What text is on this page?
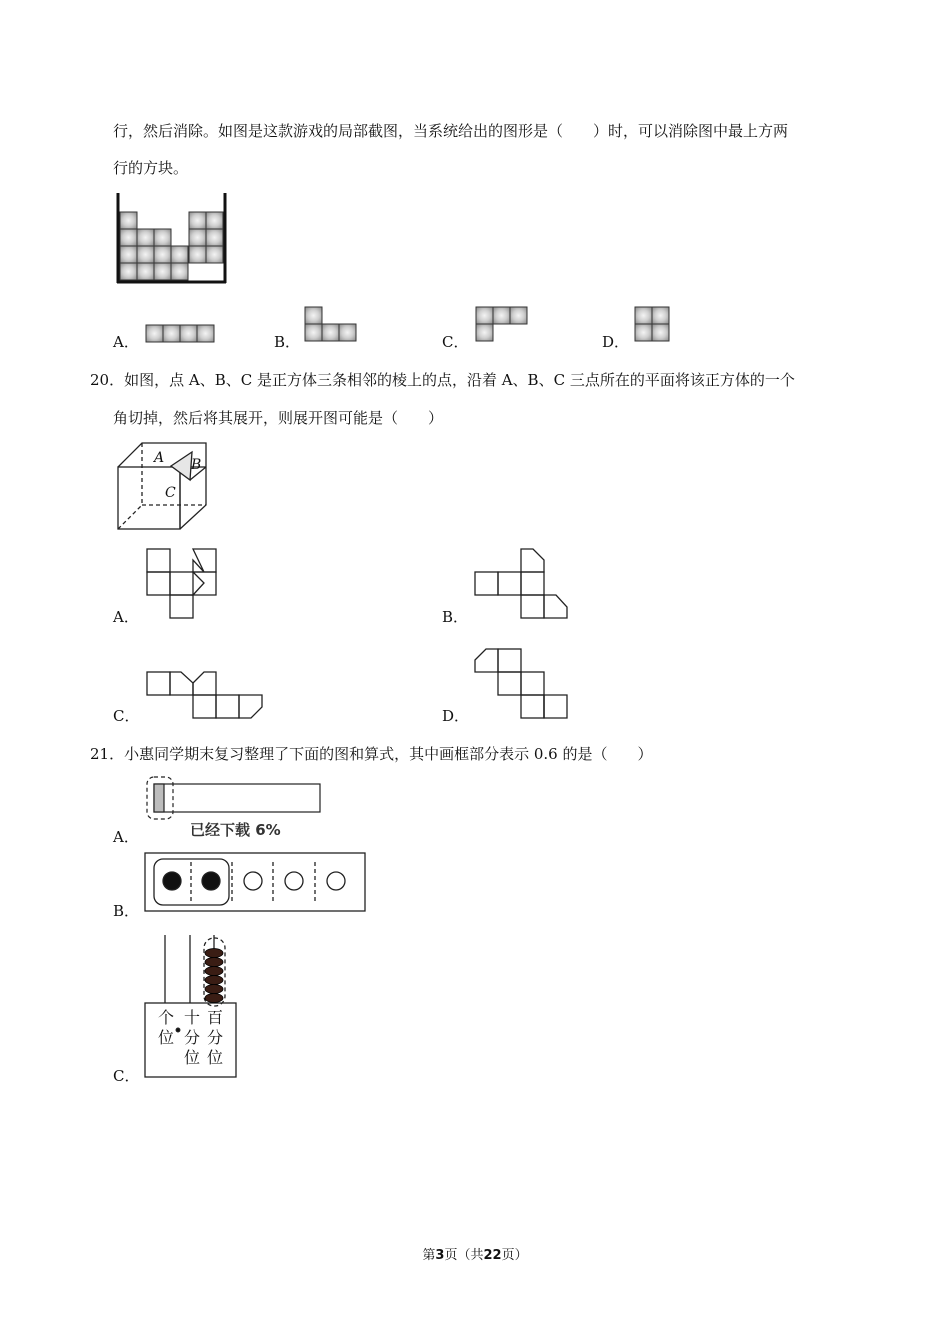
行，然后消除。如图是这款游戏的局部截图，当系统给出的图形是（　　）时，可以消除图中最上方两
行的方块。
A．	B．	C．	D．
20．如图，点 A、B、C 是正方体三条相邻的棱上的点，沿着 A、B、C 三点所在的平面将该正方体的一个
角切掉，然后将其展开，则展开图可能是（　　）
A B
C
A．	B．
C．	D．
21．小惠同学期末复习整理了下面的图和算式，其中画框部分表示 0.6 的是（　　）
A．
B．
C．
已经下载 6%
个
位
十
分
位
百
分
位
第3页（共22页）
